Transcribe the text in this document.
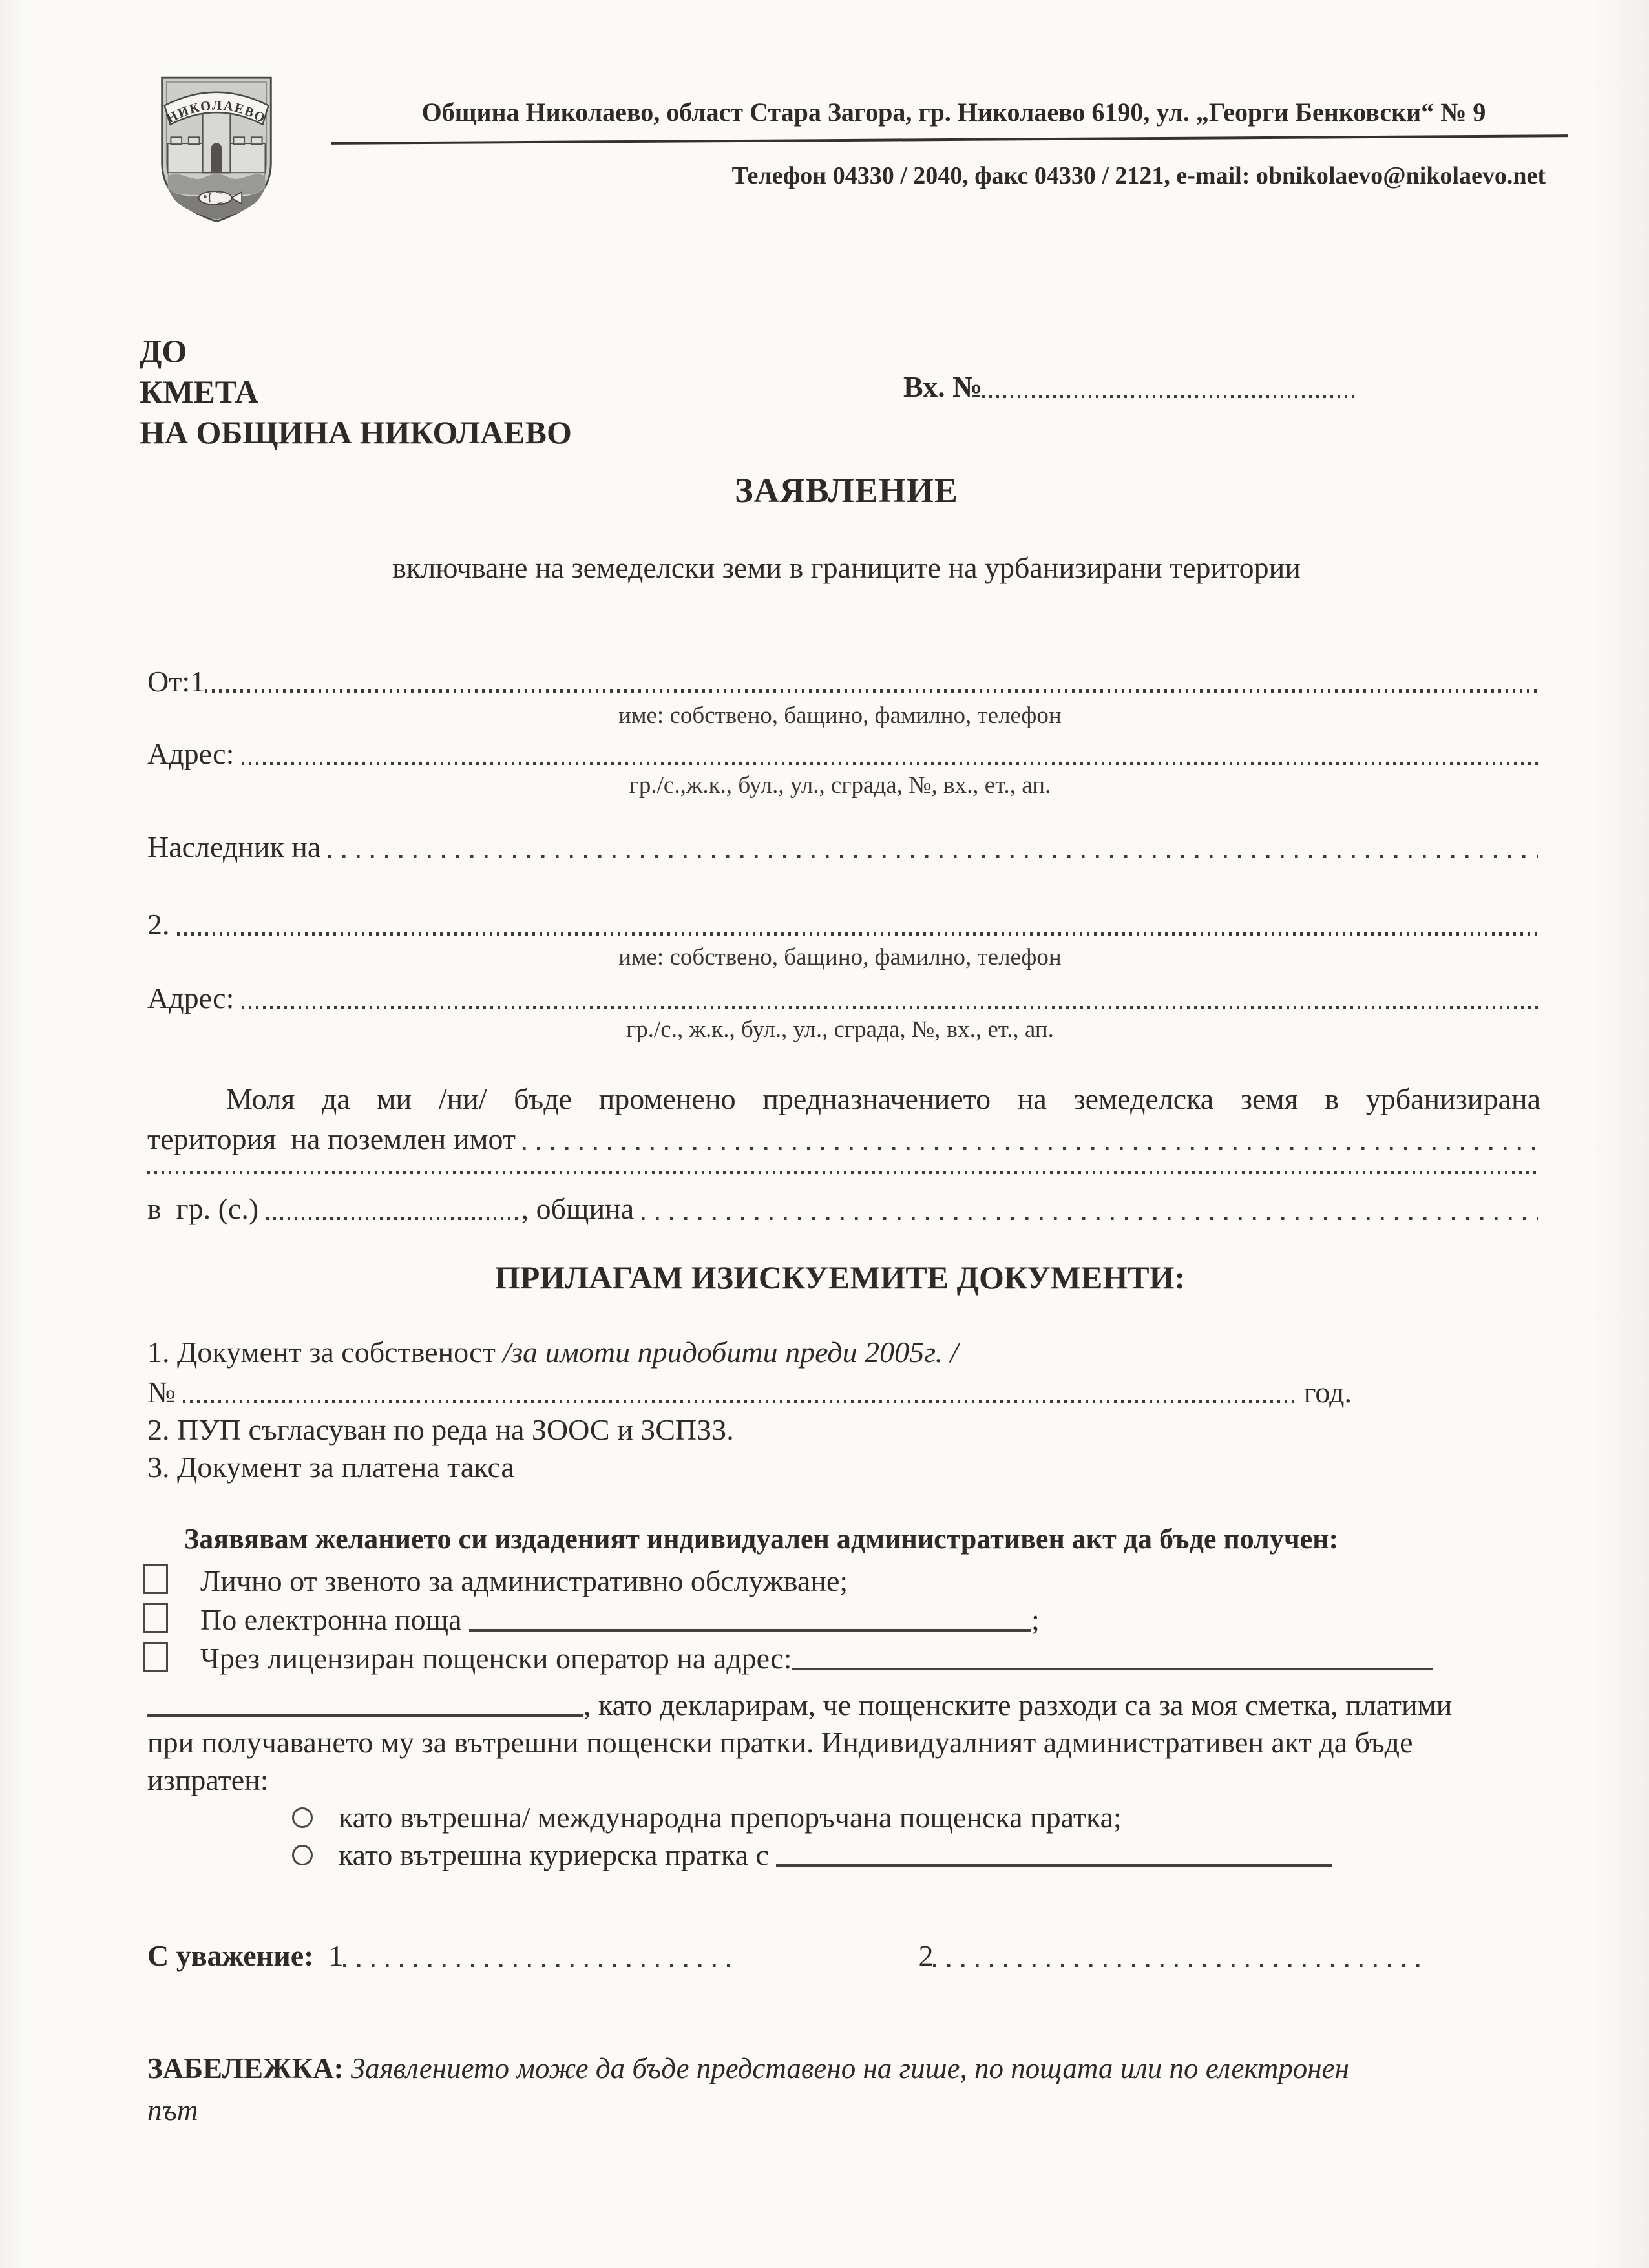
НИКОЛАЕВО	Община Николаево, област Стара Загора, гр. Николаево 6190, ул. „Георги Бенковски“ № 9
Телефон 04330 / 2040, факс 04330 / 2121, e-mail: obnikolaevo@nikolaevo.net
ДО
КМЕТА
НА ОБЩИНА НИКОЛАЕВО
Вх. №
ЗАЯВЛЕНИЕ
включване на земеделски земи в границите на урбанизирани територии
От:1
име: собствено, бащино, фамилно, телефон
Адрес:
гр./с.,ж.к., бул., ул., сграда, №, вх., ет., ап.
Наследник на
2.
име: собствено, бащино, фамилно, телефон
Адрес:
гр./с., ж.к., бул., ул., сграда, №, вх., ет., ап.
Моля да ми /ни/ бъде променено предназначението на земеделска земя в урбанизирана
територия  на поземлен имот
в  гр. (с.)	, община
ПРИЛАГАМ ИЗИСКУЕМИТЕ ДОКУМЕНТИ:
1. Документ за собственост /за имоти придобити преди 2005г. /
№	год.
2. ПУП съгласуван по реда на ЗООС и ЗСПЗЗ.
3. Документ за платена такса
Заявявам желанието си издаденият индивидуален административен акт да бъде получен:
Лично от звеното за административно обслужване;
По електронна поща	;
Чрез лицензиран пощенски оператор на адрес:
, като декларирам, че пощенските разходи са за моя сметка, платими
при получаването му за вътрешни пощенски пратки. Индивидуалният административен акт да бъде
изпратен:
като вътрешна/ международна препоръчана пощенска пратка;
като вътрешна куриерска пратка с
С уважение: 1	2
ЗАБЕЛЕЖКА: Заявлението може да бъде представено на гише, по пощата или по електронен
път
